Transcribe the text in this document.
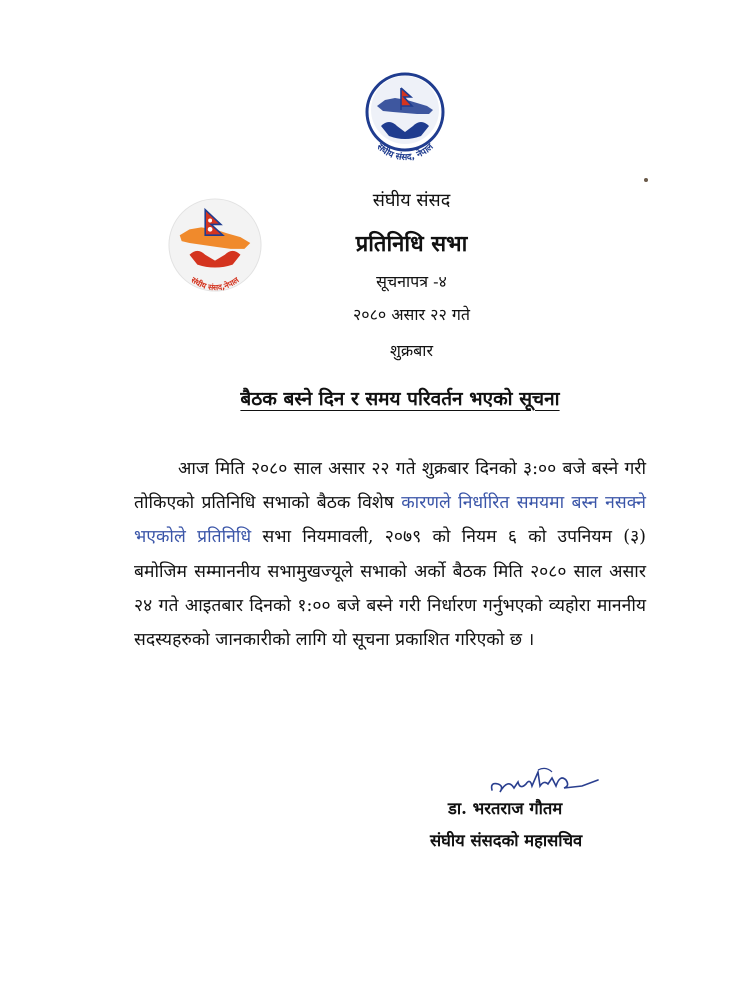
संघीय संसद, नेपाल
संघीय संसद,नेपाल
संघीय संसद
प्रतिनिधि सभा
सूचनापत्र -४
२०८० असार २२ गते
शुक्रबार
बैठक बस्ने दिन र समय परिवर्तन भएको सूचना
आज मिति २०८० साल असार २२ गते शुक्रबार दिनको ३:०० बजे बस्ने गरी तोकिएको प्रतिनिधि सभाको बैठक विशेष कारणले निर्धारित समयमा बस्न नसक्ने भएकोले प्रतिनिधि सभा नियमावली, २०७९ को नियम ६ को उपनियम (३) बमोजिम सम्माननीय सभामुखज्यूले सभाको अर्को बैठक मिति २०८० साल असार २४ गते आइतबार दिनको १:०० बजे बस्ने गरी निर्धारण गर्नुभएको व्यहोरा माननीय सदस्यहरुको जानकारीको लागि यो सूचना प्रकाशित गरिएको छ ।
डा. भरतराज गौतम
संघीय संसदको महासचिव
